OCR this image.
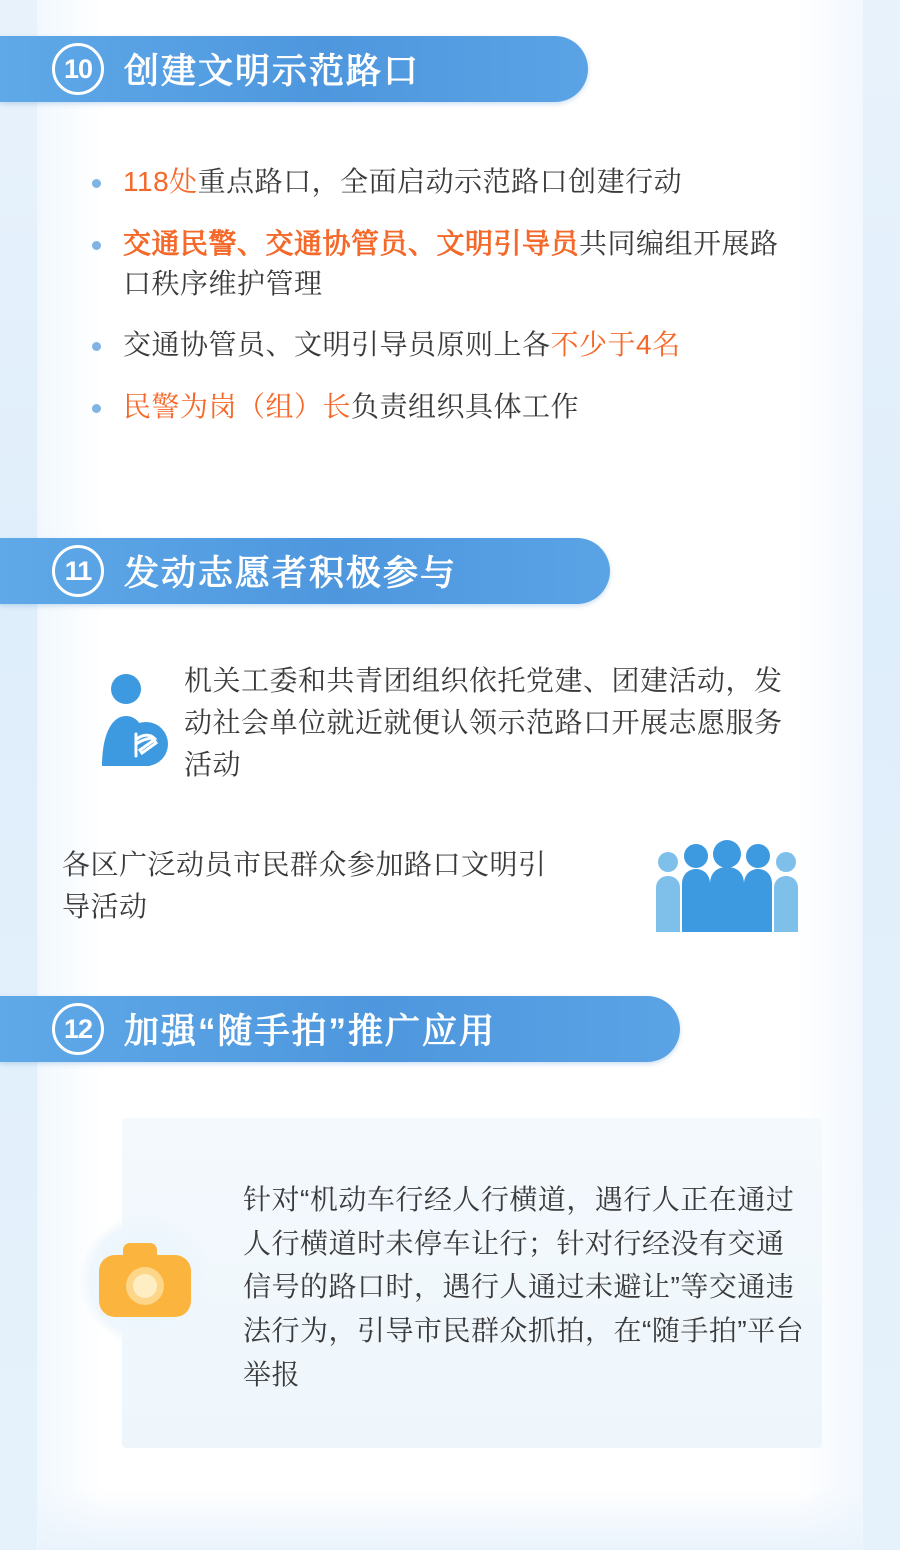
10 创建文明示范路口
118处重点路口，全面启动示范路口创建行动
交通民警、交通协管员、文明引导员共同编组开展路口秩序维护管理
交通协管员、文明引导员原则上各不少于4名
民警为岗（组）长负责组织具体工作
11 发动志愿者积极参与
机关工委和共青团组织依托党建、团建活动，发动社会单位就近就便认领示范路口开展志愿服务活动
各区广泛动员市民群众参加路口文明引导活动
12 加强“随手拍”推广应用
针对“机动车行经人行横道，遇行人正在通过人行横道时未停车让行；针对行经没有交通信号的路口时，遇行人通过未避让”等交通违法行为，引导市民群众抓拍，在“随手拍”平台举报
